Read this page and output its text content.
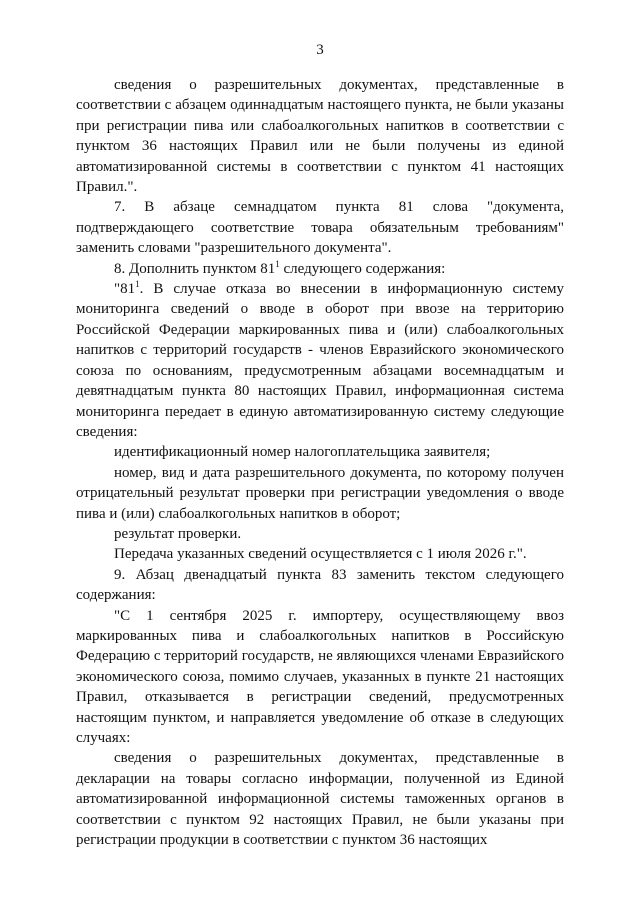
3

сведения о разрешительных документах, представленные в соответствии с абзацем одиннадцатым настоящего пункта, не были указаны при регистрации пива или слабоалкогольных напитков в соответствии с пунктом 36 настоящих Правил или не были получены из единой автоматизированной системы в соответствии с пунктом 41 настоящих Правил.".

7. В абзаце семнадцатом пункта 81 слова "документа, подтверждающего соответствие товара обязательным требованиям" заменить словами "разрешительного документа".

8. Дополнить пунктом $81^1$ следующего содержания:

"$81^1$. В случае отказа во внесении в информационную систему мониторинга сведений о вводе в оборот при ввозе на территорию Российской Федерации маркированных пива и (или) слабоалкогольных напитков с территорий государств - членов Евразийского экономического союза по основаниям, предусмотренным абзацами восемнадцатым и девятнадцатым пункта 80 настоящих Правил, информационная система мониторинга передает в единую автоматизированную систему следующие сведения:

идентификационный номер налогоплательщика заявителя;

номер, вид и дата разрешительного документа, по которому получен отрицательный результат проверки при регистрации уведомления о вводе пива и (или) слабоалкогольных напитков в оборот;

результат проверки.

Передача указанных сведений осуществляется с 1 июля 2026 г.".

9. Абзац двенадцатый пункта 83 заменить текстом следующего содержания:

"С 1 сентября 2025 г. импортеру, осуществляющему ввоз маркированных пива и слабоалкогольных напитков в Российскую Федерацию с территорий государств, не являющихся членами Евразийского экономического союза, помимо случаев, указанных в пункте 21 настоящих Правил, отказывается в регистрации сведений, предусмотренных настоящим пунктом, и направляется уведомление об отказе в следующих случаях:

сведения о разрешительных документах, представленные в декларации на товары согласно информации, полученной из Единой автоматизированной информационной системы таможенных органов в соответствии с пунктом 92 настоящих Правил, не были указаны при регистрации продукции в соответствии с пунктом 36 настоящих
